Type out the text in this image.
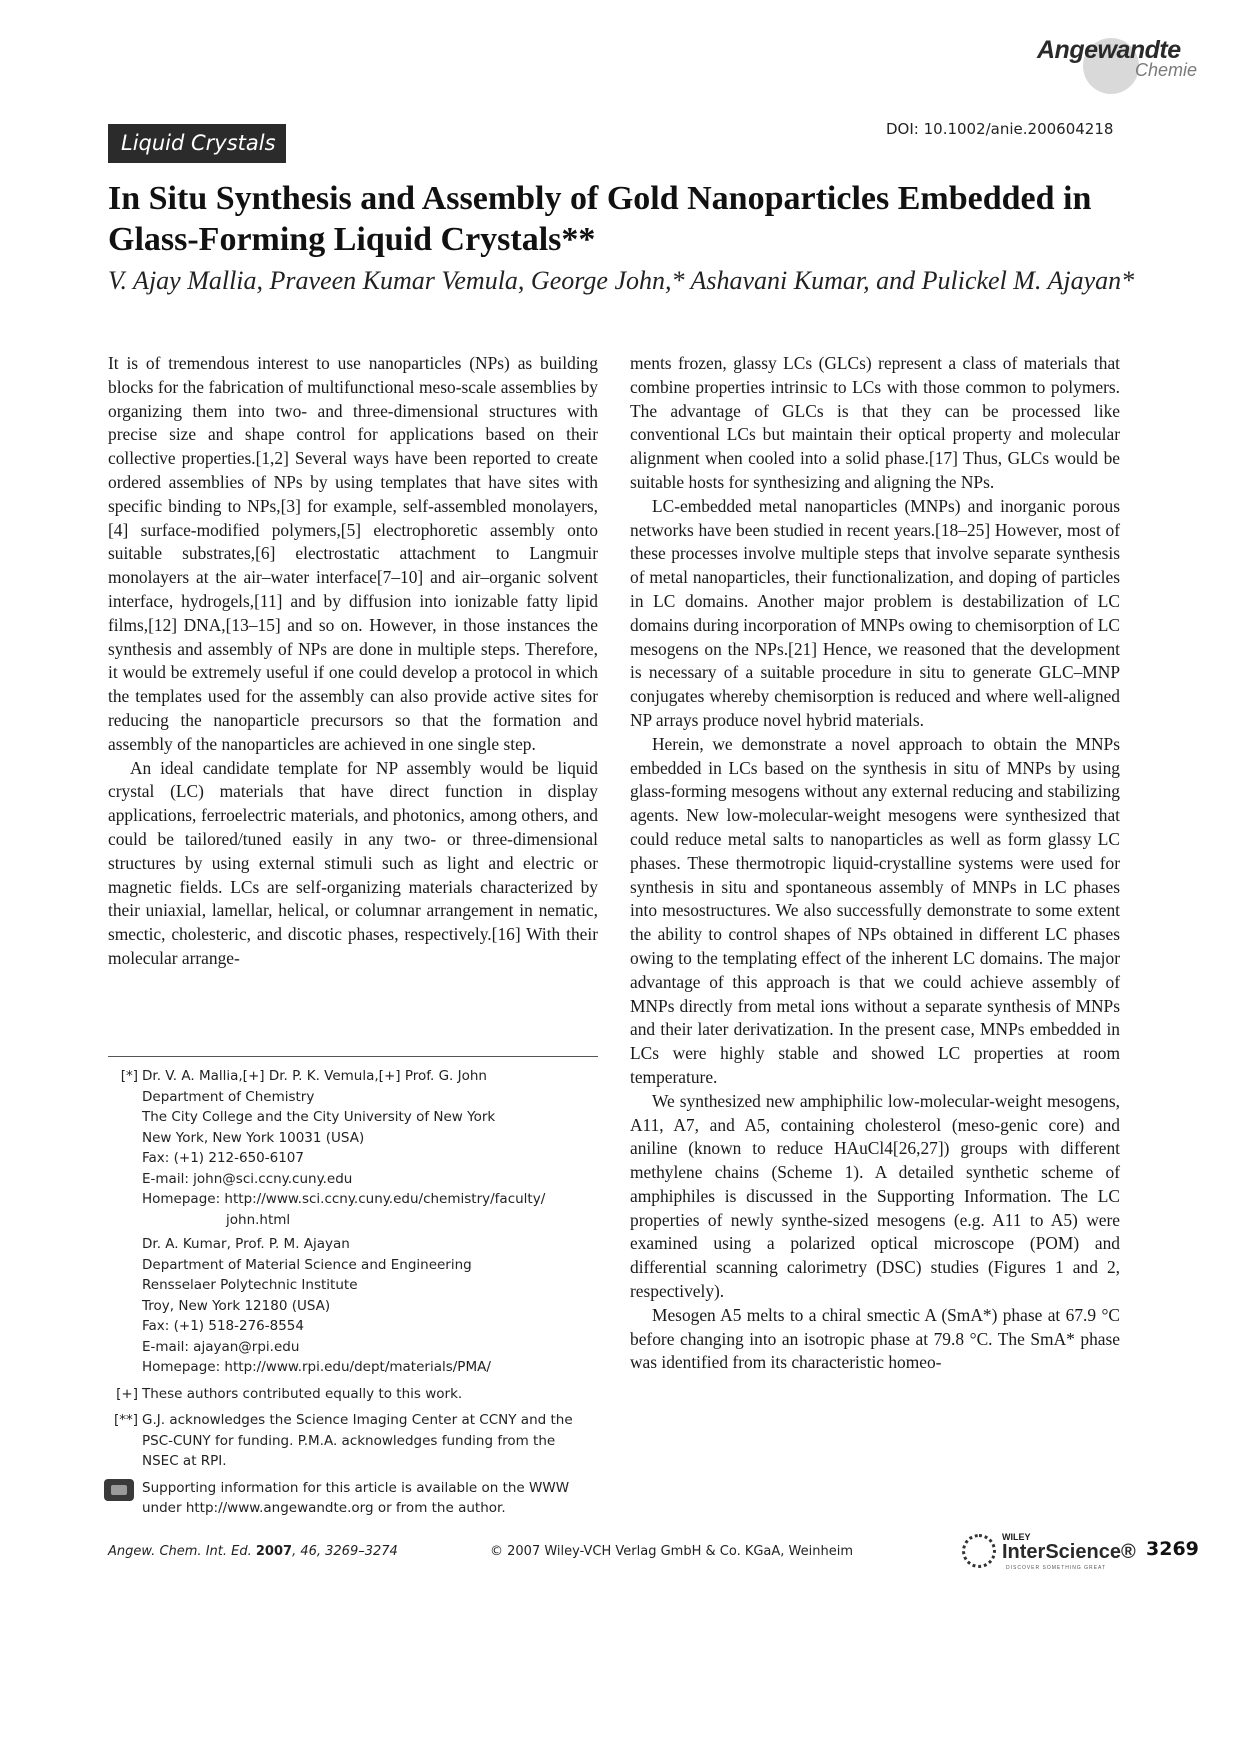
Angewandte
Chemie
Liquid Crystals
DOI: 10.1002/anie.200604218
In Situ Synthesis and Assembly of Gold Nanoparticles Embedded in Glass-Forming Liquid Crystals**
V. Ajay Mallia, Praveen Kumar Vemula, George John,* Ashavani Kumar, and Pulickel M. Ajayan*

It is of tremendous interest to use nanoparticles (NPs) as building blocks for the fabrication of multifunctional meso-scale assemblies by organizing them into two- and three-dimensional structures with precise size and shape control for applications based on their collective properties.[1,2] Several ways have been reported to create ordered assemblies of NPs by using templates that have sites with specific binding to NPs,[3] for example, self-assembled monolayers,[4] surface-modified polymers,[5] electrophoretic assembly onto suitable substrates,[6] electrostatic attachment to Langmuir monolayers at the air–water interface[7–10] and air–organic solvent interface, hydrogels,[11] and by diffusion into ionizable fatty lipid films,[12] DNA,[13–15] and so on. However, in those instances the synthesis and assembly of NPs are done in multiple steps. Therefore, it would be extremely useful if one could develop a protocol in which the templates used for the assembly can also provide active sites for reducing the nanoparticle precursors so that the formation and assembly of the nanoparticles are achieved in one single step.

An ideal candidate template for NP assembly would be liquid crystal (LC) materials that have direct function in display applications, ferroelectric materials, and photonics, among others, and could be tailored/tuned easily in any two- or three-dimensional structures by using external stimuli such as light and electric or magnetic fields. LCs are self-organizing materials characterized by their uniaxial, lamellar, helical, or columnar arrangement in nematic, smectic, cholesteric, and discotic phases, respectively.[16] With their molecular arrange-

ments frozen, glassy LCs (GLCs) represent a class of materials that combine properties intrinsic to LCs with those common to polymers. The advantage of GLCs is that they can be processed like conventional LCs but maintain their optical property and molecular alignment when cooled into a solid phase.[17] Thus, GLCs would be suitable hosts for synthesizing and aligning the NPs.

LC-embedded metal nanoparticles (MNPs) and inorganic porous networks have been studied in recent years.[18–25] However, most of these processes involve multiple steps that involve separate synthesis of metal nanoparticles, their functionalization, and doping of particles in LC domains. Another major problem is destabilization of LC domains during incorporation of MNPs owing to chemisorption of LC mesogens on the NPs.[21] Hence, we reasoned that the development is necessary of a suitable procedure in situ to generate GLC–MNP conjugates whereby chemisorption is reduced and where well-aligned NP arrays produce novel hybrid materials.

Herein, we demonstrate a novel approach to obtain the MNPs embedded in LCs based on the synthesis in situ of MNPs by using glass-forming mesogens without any external reducing and stabilizing agents. New low-molecular-weight mesogens were synthesized that could reduce metal salts to nanoparticles as well as form glassy LC phases. These thermotropic liquid-crystalline systems were used for synthesis in situ and spontaneous assembly of MNPs in LC phases into mesostructures. We also successfully demonstrate to some extent the ability to control shapes of NPs obtained in different LC phases owing to the templating effect of the inherent LC domains. The major advantage of this approach is that we could achieve assembly of MNPs directly from metal ions without a separate synthesis of MNPs and their later derivatization. In the present case, MNPs embedded in LCs were highly stable and showed LC properties at room temperature.

We synthesized new amphiphilic low-molecular-weight mesogens, A11, A7, and A5, containing cholesterol (meso-genic core) and aniline (known to reduce HAuCl4[26,27]) groups with different methylene chains (Scheme 1). A detailed synthetic scheme of amphiphiles is discussed in the Supporting Information. The LC properties of newly synthe-sized mesogens (e.g. A11 to A5) were examined using a polarized optical microscope (POM) and differential scanning calorimetry (DSC) studies (Figures 1 and 2, respectively).

Mesogen A5 melts to a chiral smectic A (SmA*) phase at 67.9 °C before changing into an isotropic phase at 79.8 °C. The SmA* phase was identified from its characteristic homeo-

[*] Dr. V. A. Mallia,[+] Dr. P. K. Vemula,[+] Prof. G. John
Department of Chemistry
The City College and the City University of New York
New York, New York 10031 (USA)
Fax: (+1) 212-650-6107
E-mail: john@sci.ccny.cuny.edu
Homepage: http://www.sci.ccny.cuny.edu/chemistry/faculty/
john.html
Dr. A. Kumar, Prof. P. M. Ajayan
Department of Material Science and Engineering
Rensselaer Polytechnic Institute
Troy, New York 12180 (USA)
Fax: (+1) 518-276-8554
E-mail: ajayan@rpi.edu
Homepage: http://www.rpi.edu/dept/materials/PMA/
[+] These authors contributed equally to this work.
[**] G.J. acknowledges the Science Imaging Center at CCNY and the
PSC-CUNY for funding. P.M.A. acknowledges funding from the
NSEC at RPI.
Supporting information for this article is available on the WWW
under http://www.angewandte.org or from the author.
Angew. Chem. Int. Ed. 2007, 46, 3269–3274	© 2007 Wiley-VCH Verlag GmbH & Co. KGaA, Weinheim
WILEY
InterScience®
DISCOVER SOMETHING GREAT
3269
